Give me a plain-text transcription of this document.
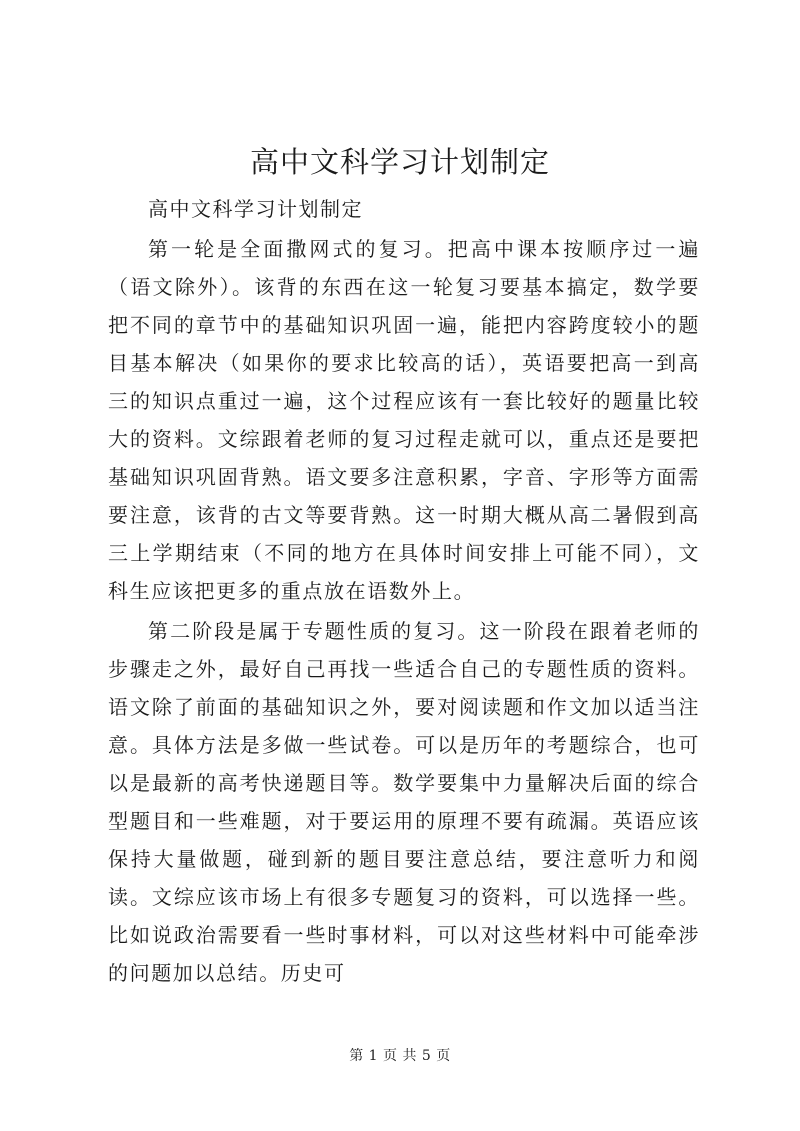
高中文科学习计划制定

高中文科学习计划制定

第一轮是全面撒网式的复习。把高中课本按顺序过一遍（语文除外）。该背的东西在这一轮复习要基本搞定，数学要把不同的章节中的基础知识巩固一遍，能把内容跨度较小的题目基本解决（如果你的要求比较高的话），英语要把高一到高三的知识点重过一遍，这个过程应该有一套比较好的题量比较大的资料。文综跟着老师的复习过程走就可以，重点还是要把基础知识巩固背熟。语文要多注意积累，字音、字形等方面需要注意，该背的古文等要背熟。这一时期大概从高二暑假到高三上学期结束（不同的地方在具体时间安排上可能不同），文科生应该把更多的重点放在语数外上。

第二阶段是属于专题性质的复习。这一阶段在跟着老师的步骤走之外，最好自己再找一些适合自己的专题性质的资料。语文除了前面的基础知识之外，要对阅读题和作文加以适当注意。具体方法是多做一些试卷。可以是历年的考题综合，也可以是最新的高考快递题目等。数学要集中力量解决后面的综合型题目和一些难题，对于要运用的原理不要有疏漏。英语应该保持大量做题，碰到新的题目要注意总结，要注意听力和阅读。文综应该市场上有很多专题复习的资料，可以选择一些。比如说政治需要看一些时事材料，可以对这些材料中可能牵涉的问题加以总结。历史可

第 1 页 共 5 页
